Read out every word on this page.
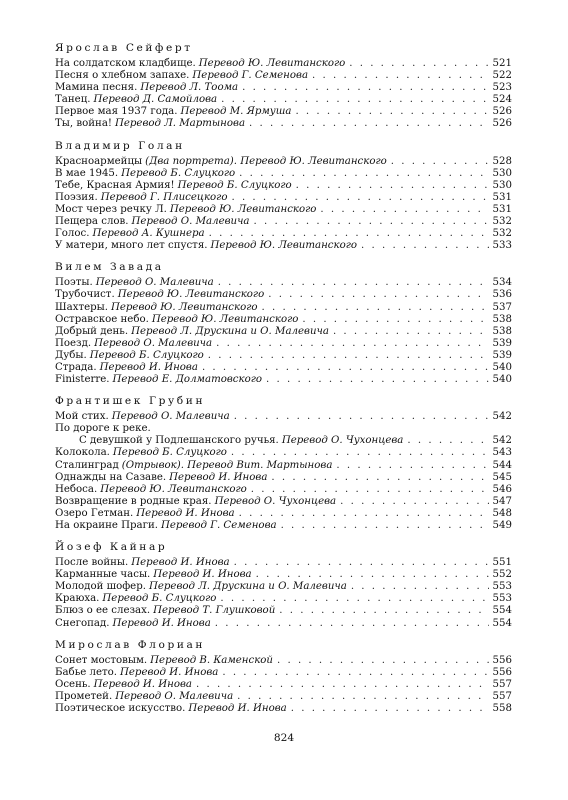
Ярослав Сейферт
На солдатском кладбище. Перевод Ю. Левитанского . . .	521
Песня о хлебном запахе. Перевод Г. Семенова . . .	522
Мамина песня. Перевод Л. Тоома . . .	523
Танец. Перевод Д. Самойлова . . .	524
Первое мая 1937 года. Перевод М. Ярмуша . . .	526
Ты, война! Перевод Л. Мартынова . . .	526
Владимир Голан
Красноармейцы (Два портрета). Перевод Ю. Левитанского . . .	528
В мае 1945. Перевод Б. Слуцкого . . .	530
Тебе, Красная Армия! Перевод Б. Слуцкого . . .	530
Поэзия. Перевод Г. Плисецкого . . .	531
Мост через речку Л. Перевод Ю. Левитанского . . .	531
Пещера слов. Перевод О. Малевича . . .	532
Голос. Перевод А. Кушнера . . .	532
У матери, много лет спустя. Перевод Ю. Левитанского . . .	533
Вилем Завада
Поэты. Перевод О. Малевича . . .	534
Трубочист. Перевод Ю. Левитанского . . .	536
Шахтеры. Перевод Ю. Левитанского . . .	537
Остравское небо. Перевод Ю. Левитанского . . .	538
Добрый день. Перевод Л. Друскина и О. Малевича . . .	538
Поезд. Перевод О. Малевича . . .	539
Дубы. Перевод Б. Слуцкого . . .	539
Страда. Перевод И. Инова . . .	540
Finisterre. Перевод Е. Долматовского . . .	540
Франтишек Грубин
Мой стих. Перевод О. Малевича . . .	542
По дороге к реке.
С девушкой у Подлешанского ручья. Перевод О. Чухонцева . . .	542
Колокола. Перевод Б. Слуцкого . . .	543
Сталинград (Отрывок). Перевод Вит. Мартынова . . .	544
Однажды на Сазаве. Перевод И. Инова . . .	545
Небоса. Перевод Ю. Левитанского . . .	546
Возвращение в родные края. Перевод О. Чухонцева . . .	547
Озеро Гетман. Перевод И. Инова . . .	548
На окраине Праги. Перевод Г. Семенова . . .	549
Йозеф Кайнар
После войны. Перевод И. Инова . . .	551
Карманные часы. Перевод И. Инова . . .	552
Молодой шофер. Перевод Л. Друскина и О. Малевича . . .	553
Краюха. Перевод Б. Слуцкого . . .	553
Блюз о ее слезах. Перевод Т. Глушковой . . .	554
Снегопад. Перевод И. Инова . . .	554
Мирослав Флориан
Сонет мостовым. Перевод В. Каменской . . .	556
Бабье лето. Перевод И. Инова . . .	556
Осень. Перевод И. Инова . . .	557
Прометей. Перевод О. Малевича . . .	557
Поэтическое искусство. Перевод И. Инова . . .	558
824
